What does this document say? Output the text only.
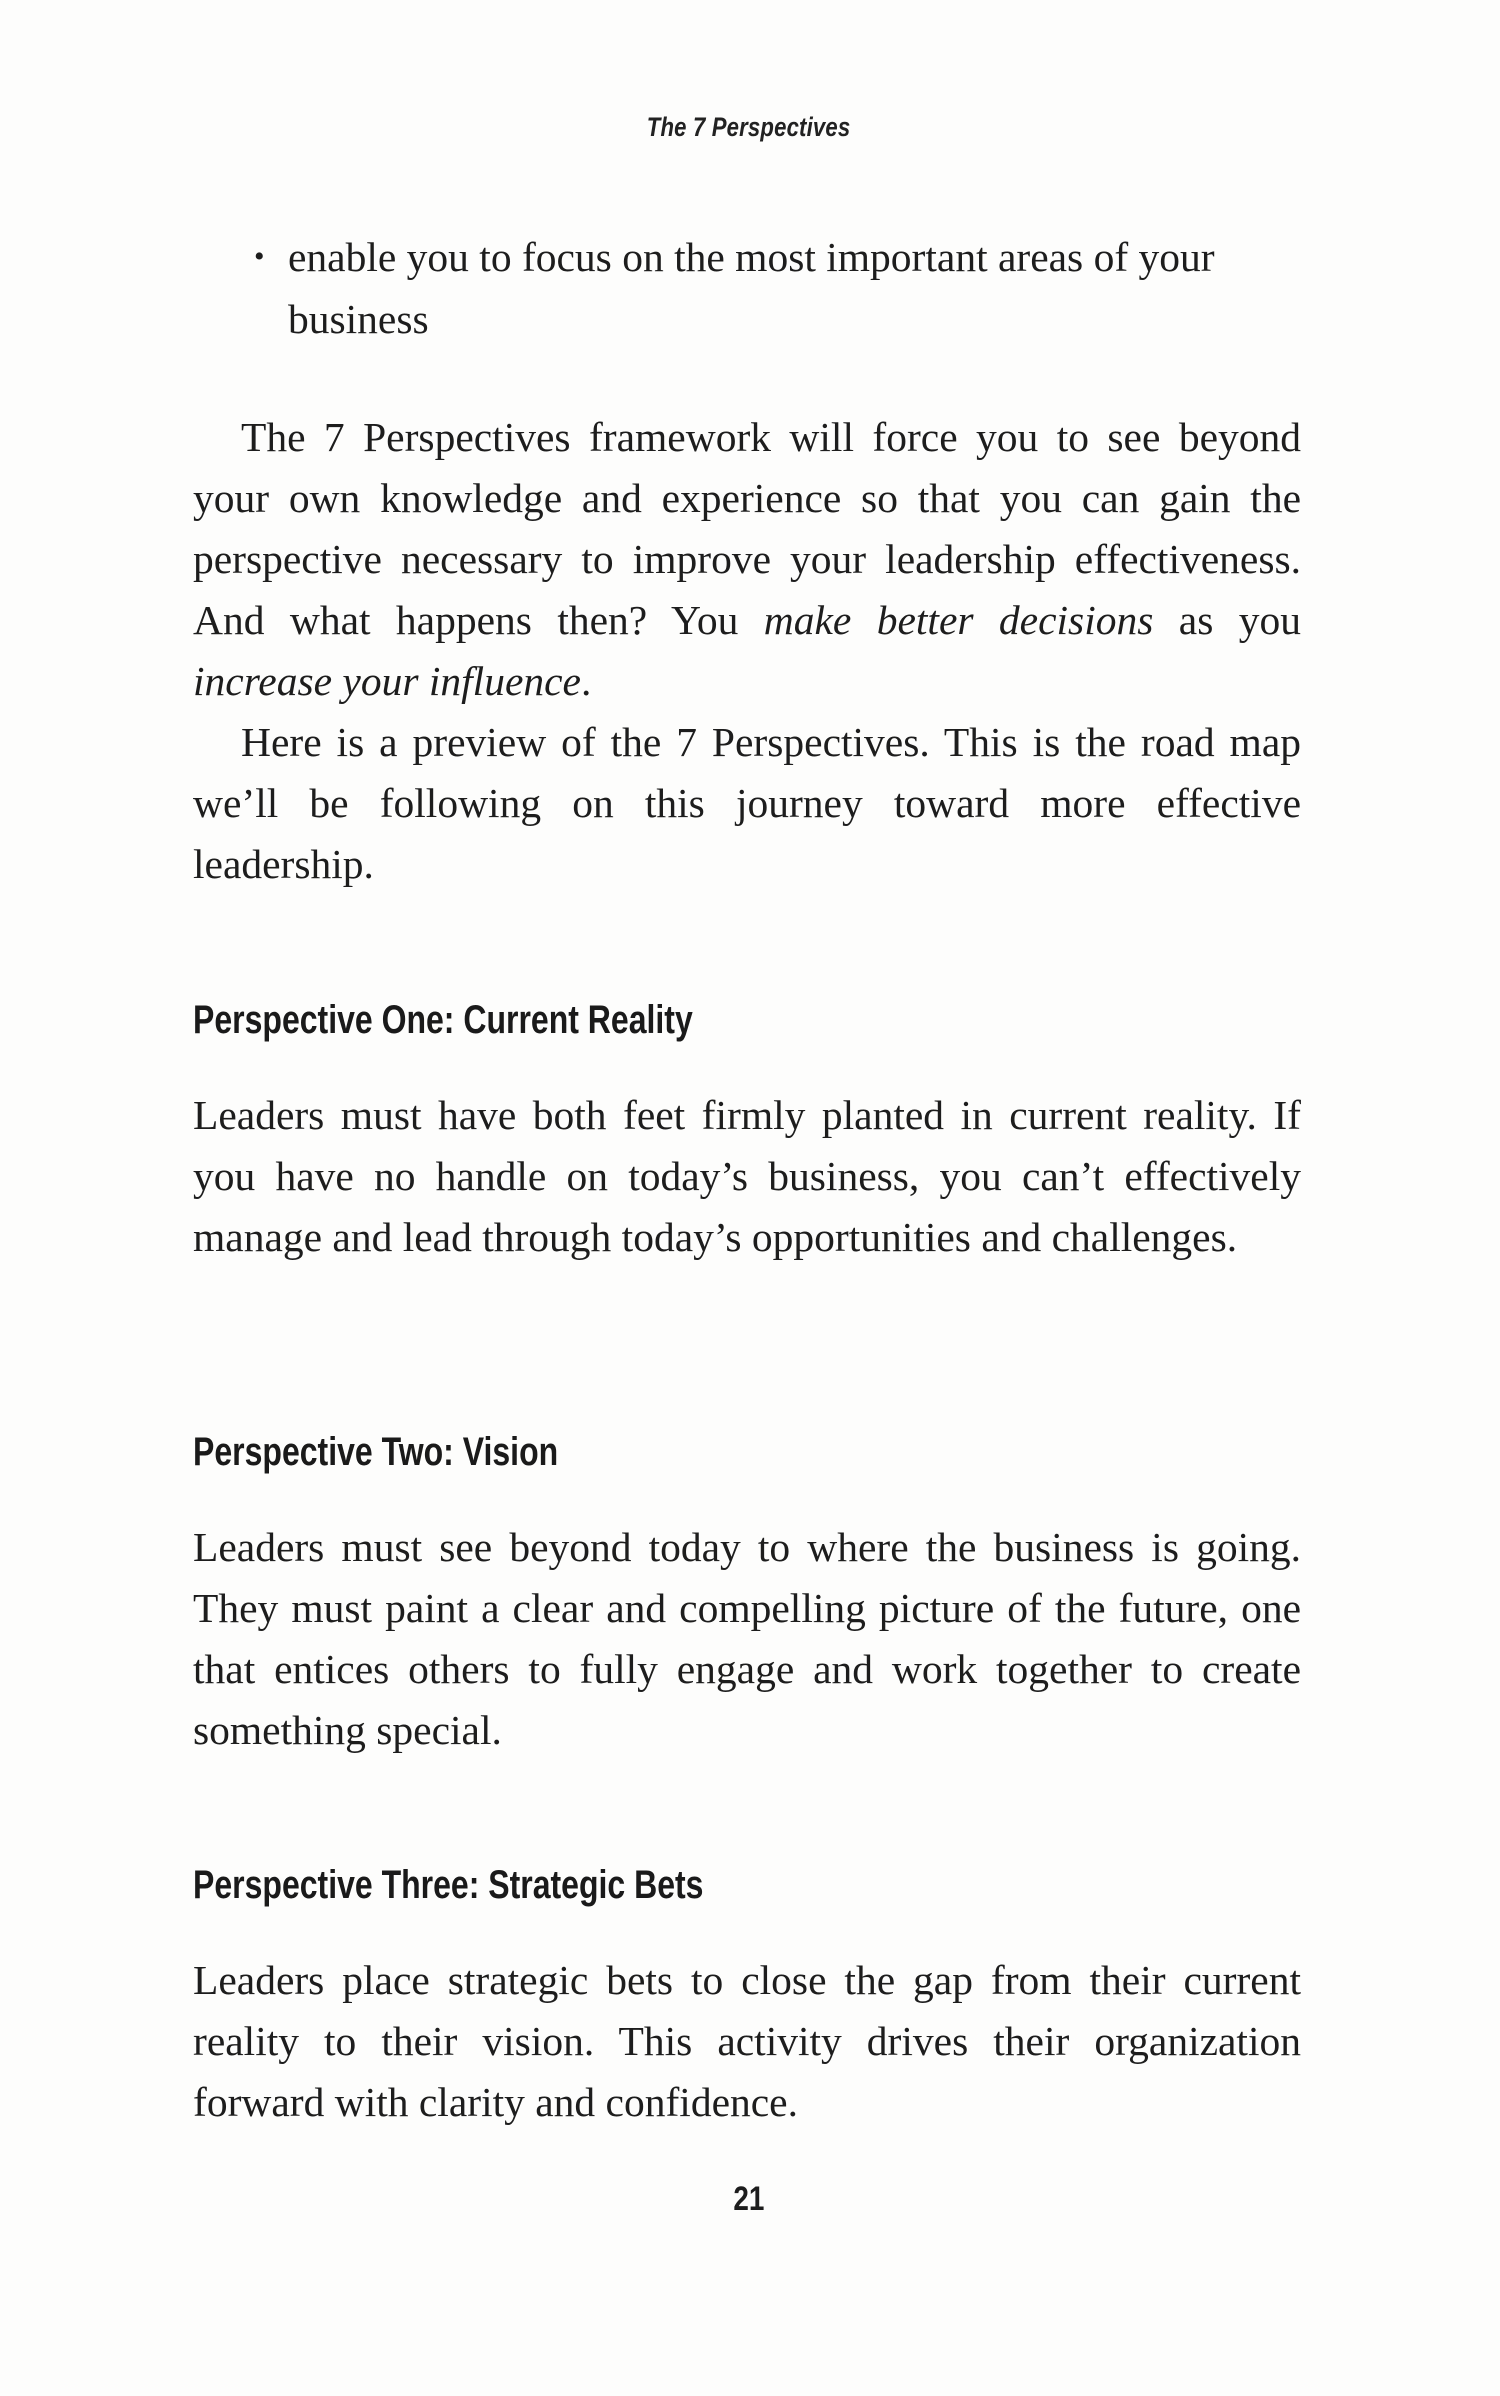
The 7 Perspectives
• enable you to focus on the most important areas of your business

The 7 Perspectives framework will force you to see beyond your own knowledge and experience so that you can gain the perspective necessary to improve your leadership effectiveness. And what happens then? You make better decisions as you increase your influence.

Here is a preview of the 7 Perspectives. This is the road map we’ll be following on this journey toward more effective leadership.

Perspective One: Current Reality

Leaders must have both feet firmly planted in current reality. If you have no handle on today’s business, you can’t effectively manage and lead through today’s opportunities and challenges.

Perspective Two: Vision

Leaders must see beyond today to where the business is going. They must paint a clear and compelling picture of the future, one that entices others to fully engage and work together to create something special.

Perspective Three: Strategic Bets

Leaders place strategic bets to close the gap from their current reality to their vision. This activity drives their organization forward with clarity and confidence.

21
